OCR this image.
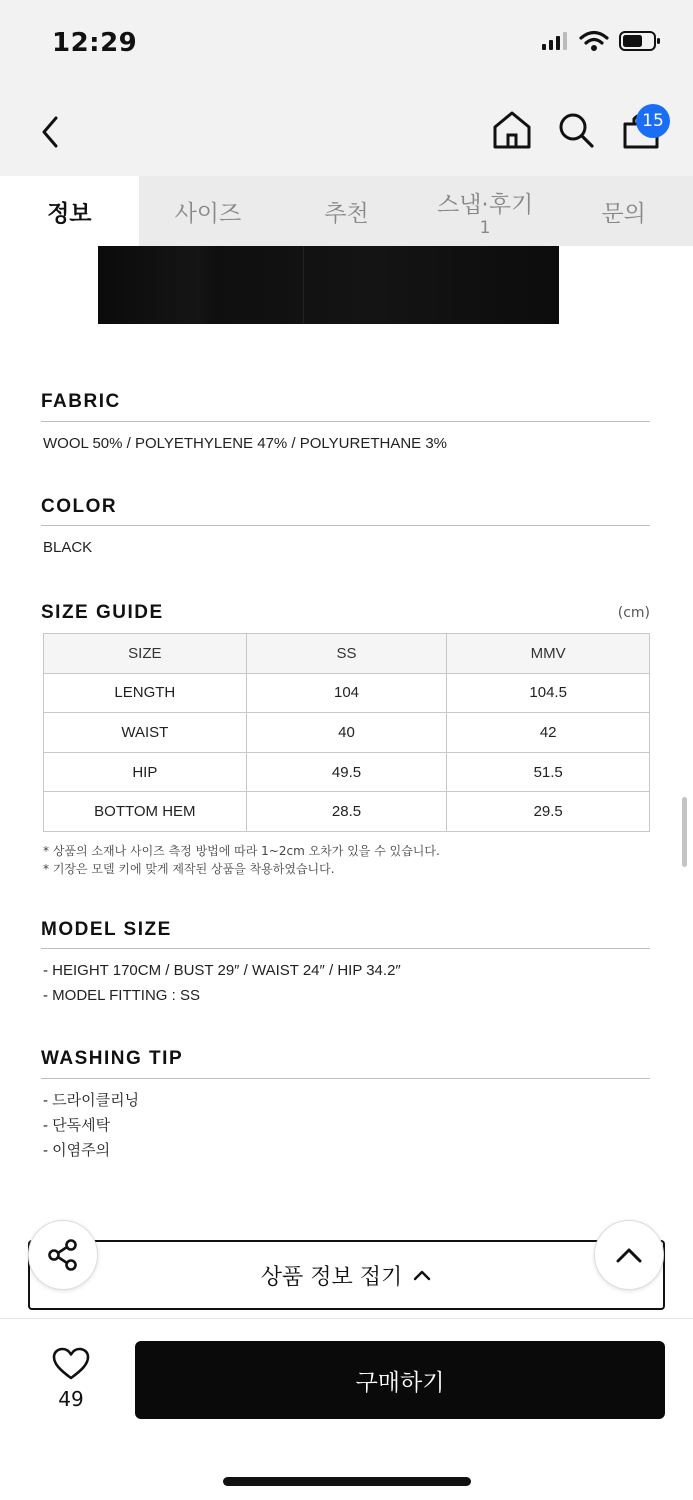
12:29
15
정보	사이즈	추천	스냅·후기
1
문의
FABRIC
WOOL 50% / POLYETHYLENE 47% / POLYURETHANE 3%
COLOR
BLACK
SIZE GUIDE	(cm)
SIZE	SS	MMV
LENGTH	104	104.5
WAIST	40	42
HIP	49.5	51.5
BOTTOM HEM	28.5	29.5
* 상품의 소재나 사이즈 측정 방법에 따라 1~2cm 오차가 있을 수 있습니다.
* 기장은 모델 키에 맞게 제작된 상품을 착용하였습니다.
MODEL SIZE
- HEIGHT 170CM / BUST 29″ / WAIST 24″ / HIP 34.2″
- MODEL FITTING : SS
WASHING TIP
- 드라이클리닝
- 단독세탁
- 이염주의
상품 정보 접기
49
구매하기
